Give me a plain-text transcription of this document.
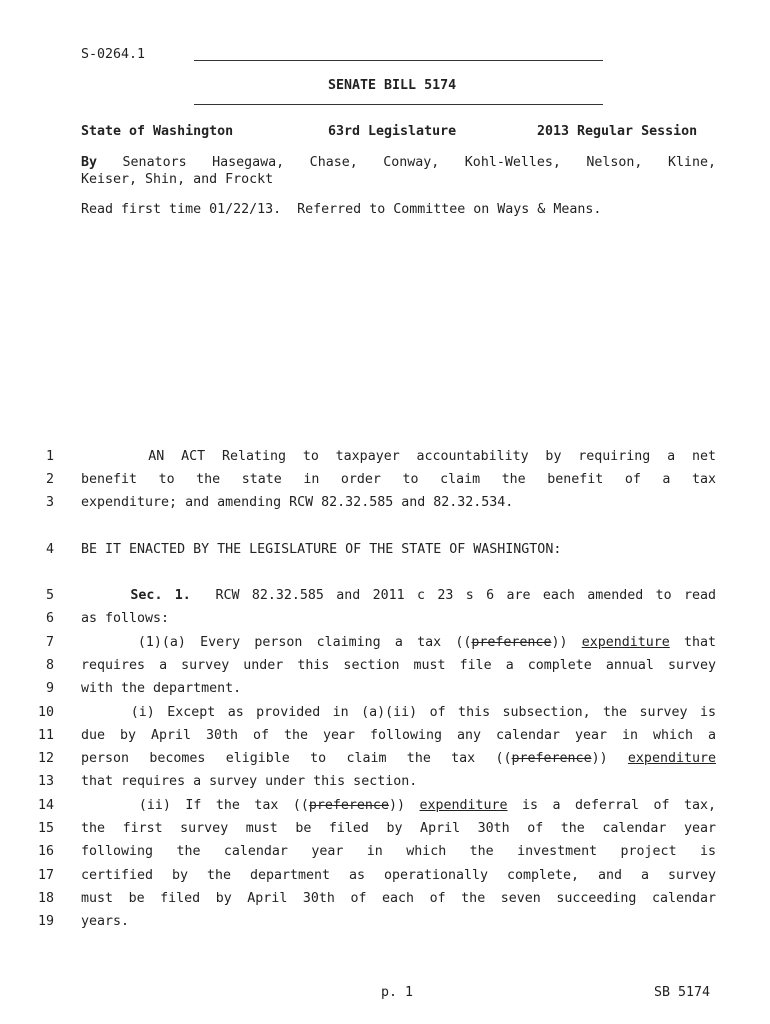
S-0264.1
SENATE BILL 5174
State of Washington	63rd Legislature	2013 Regular Session
By Senators Hasegawa, Chase, Conway, Kohl-Welles, Nelson, Kline,
Keiser, Shin, and Frockt
Read first time 01/22/13.  Referred to Committee on Ways & Means.
1
2
3
4
5
6
7
8
9
10
11
12
13
14
15
16
17
18
19
AN ACT Relating to taxpayer accountability by requiring a net
benefit to the state in order to claim the benefit of a tax
expenditure; and amending RCW 82.32.585 and 82.32.534.
BE IT ENACTED BY THE LEGISLATURE OF THE STATE OF WASHINGTON:
Sec. 1.  RCW 82.32.585 and 2011 c 23 s 6 are each amended to read
as follows:
(1)(a) Every person claiming a tax ((preference)) expenditure that
requires a survey under this section must file a complete annual survey
with the department.
(i) Except as provided in (a)(ii) of this subsection, the survey is
due by April 30th of the year following any calendar year in which a
person becomes eligible to claim the tax ((preference)) expenditure
that requires a survey under this section.
(ii) If the tax ((preference)) expenditure is a deferral of tax,
the first survey must be filed by April 30th of the calendar year
following the calendar year in which the investment project is
certified by the department as operationally complete, and a survey
must be filed by April 30th of each of the seven succeeding calendar
years.
p. 1	SB 5174
